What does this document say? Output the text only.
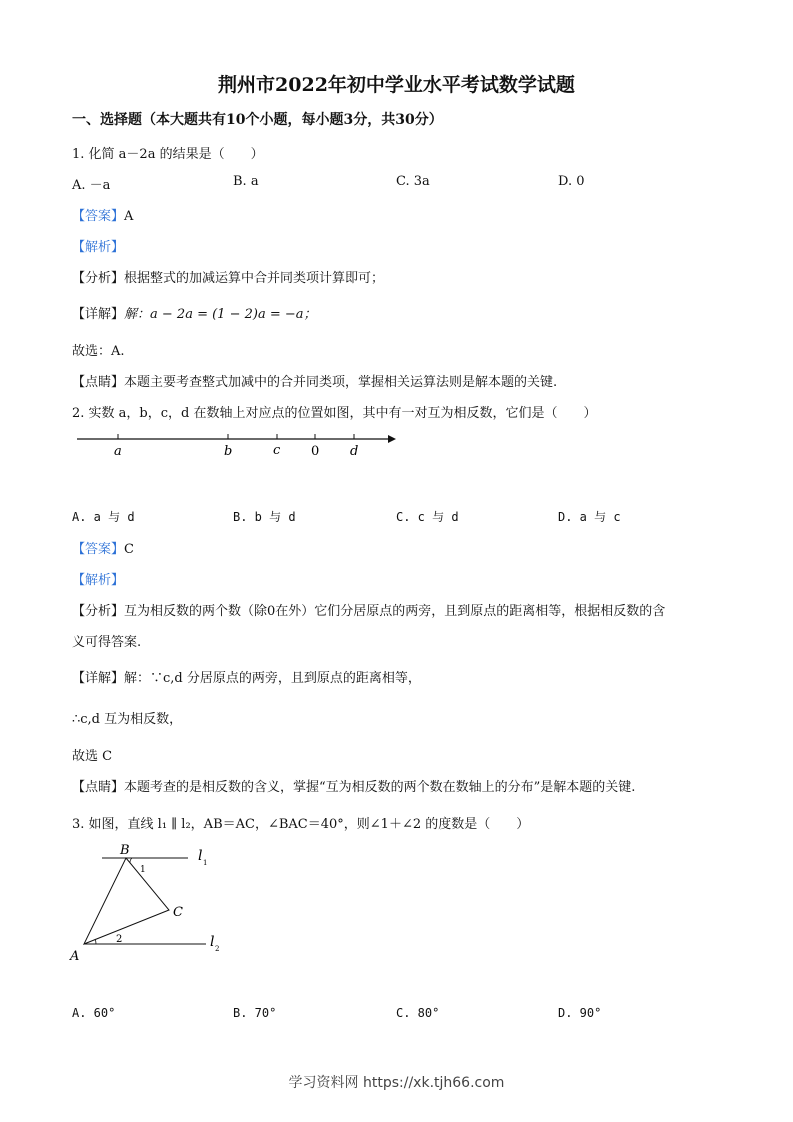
荆州市2022年初中学业水平考试数学试题
一、选择题（本大题共有10个小题，每小题3分，共30分）
1. 化简 a－2a 的结果是（　　）
A. －a	B. a	C. 3a	D. 0
【答案】A
【解析】
【分析】根据整式的加减运算中合并同类项计算即可；
【详解】解：a − 2a = (1 − 2)a = −a；
故选：A.
【点睛】本题主要考查整式加减中的合并同类项，掌握相关运算法则是解本题的关键.
2. 实数 a，b，c，d 在数轴上对应点的位置如图，其中有一对互为相反数，它们是（　　）
a	b	c 0 d
A. a 与 d	B. b 与 d	C. c 与 d	D. a 与 c
【答案】C
【解析】
【分析】互为相反数的两个数（除0在外）它们分居原点的两旁，且到原点的距离相等，根据相反数的含
义可得答案.
【详解】解：∵c,d 分居原点的两旁，且到原点的距离相等，
∴c,d 互为相反数，
故选 C
【点睛】本题考查的是相反数的含义，掌握“互为相反数的两个数在数轴上的分布”是解本题的关键.
3. 如图，直线 l₁ ∥ l₂，AB＝AC，∠BAC＝40°，则∠1＋∠2 的度数是（　　）
B
C
A
1
2
l 1
l 2
A. 60°	B. 70°	C. 80°	D. 90°
学习资料网 https://xk.tjh66.com
